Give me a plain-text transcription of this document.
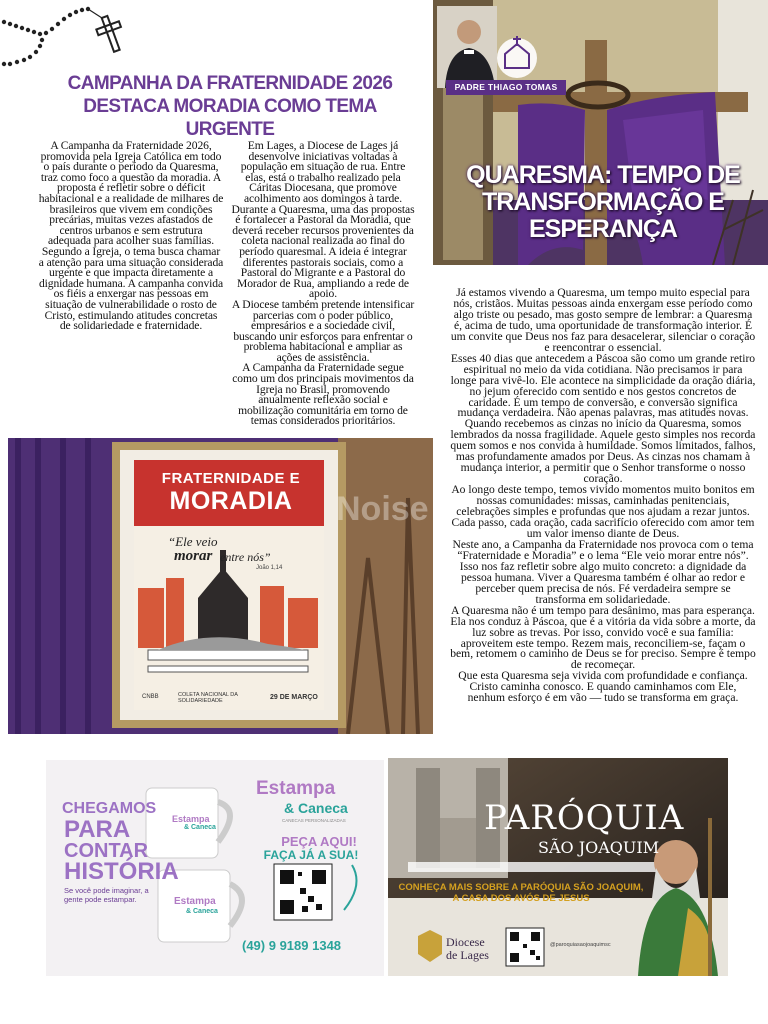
CAMPANHA DA FRATERNIDADE 2026 DESTACA MORADIA COMO TEMA URGENTE

A Campanha da Fraternidade 2026, promovida pela Igreja Católica em todo o país durante o período da Quaresma, traz como foco a questão da moradia. A proposta é refletir sobre o déficit habitacional e a realidade de milhares de brasileiros que vivem em condições precárias, muitas vezes afastados de centros urbanos e sem estrutura adequada para acolher suas famílias.

Segundo a Igreja, o tema busca chamar a atenção para uma situação considerada urgente e que impacta diretamente a dignidade humana. A campanha convida os fiéis a enxergar nas pessoas em situação de vulnerabilidade o rosto de Cristo, estimulando atitudes concretas de solidariedade e fraternidade.

Em Lages, a Diocese de Lages já desenvolve iniciativas voltadas à população em situação de rua. Entre elas, está o trabalho realizado pela Cáritas Diocesana, que promove acolhimento aos domingos à tarde.

Durante a Quaresma, uma das propostas é fortalecer a Pastoral da Moradia, que deverá receber recursos provenientes da coleta nacional realizada ao final do período quaresmal. A ideia é integrar diferentes pastorais sociais, como a Pastoral do Migrante e a Pastoral do Morador de Rua, ampliando a rede de apoio.

A Diocese também pretende intensificar parcerias com o poder público, empresários e a sociedade civil, buscando unir esforços para enfrentar o problema habitacional e ampliar as ações de assistência.

A Campanha da Fraternidade segue como um dos principais movimentos da Igreja no Brasil, promovendo anualmente reflexão social e mobilização comunitária em torno de temas considerados prioritários.

PADRE THIAGO TOMAS
QUARESMA: TEMPO DE TRANSFORMAÇÃO E ESPERANÇA

Já estamos vivendo a Quaresma, um tempo muito especial para nós, cristãos. Muitas pessoas ainda enxergam esse período como algo triste ou pesado, mas gosto sempre de lembrar: a Quaresma é, acima de tudo, uma oportunidade de transformação interior. É um convite que Deus nos faz para desacelerar, silenciar o coração e reencontrar o essencial.

Esses 40 dias que antecedem a Páscoa são como um grande retiro espiritual no meio da vida cotidiana. Não precisamos ir para longe para vivê-lo. Ele acontece na simplicidade da oração diária, no jejum oferecido com sentido e nos gestos concretos de caridade. É um tempo de conversão, e conversão significa mudança verdadeira. Não apenas palavras, mas atitudes novas.

Quando recebemos as cinzas no início da Quaresma, somos lembrados da nossa fragilidade. Aquele gesto simples nos recorda quem somos e nos convida à humildade. Somos limitados, falhos, mas profundamente amados por Deus. As cinzas nos chamam à mudança interior, a permitir que o Senhor transforme o nosso coração.

Ao longo deste tempo, temos vivido momentos muito bonitos em nossas comunidades: missas, caminhadas penitenciais, celebrações simples e profundas que nos ajudam a rezar juntos. Cada passo, cada oração, cada sacrifício oferecido com amor tem um valor imenso diante de Deus.

Neste ano, a Campanha da Fraternidade nos provoca com o tema “Fraternidade e Moradia” e o lema “Ele veio morar entre nós”. Isso nos faz refletir sobre algo muito concreto: a dignidade da pessoa humana. Viver a Quaresma também é olhar ao redor e perceber quem precisa de nós. Fé verdadeira sempre se transforma em solidariedade.

A Quaresma não é um tempo para desânimo, mas para esperança. Ela nos conduz à Páscoa, que é a vitória da vida sobre a morte, da luz sobre as trevas. Por isso, convido você e sua família: aproveitem este tempo. Rezem mais, reconciliem-se, façam o bem, retomem o caminho de Deus se for preciso. Sempre é tempo de recomeçar.

Que esta Quaresma seja vivida com profundidade e confiança. Cristo caminha conosco. E quando caminhamos com Ele, nenhum esforço é em vão — tudo se transforma em graça.

FRATERNIDADE E
MORADIA
“Ele veio
morar entre nós”
João 1,14
CNBB	COLETA NACIONAL DA SOLIDARIEDADE	29 DE MARÇO
Noise
CHEGAMOS
PARA
CONTAR
HISTÓRIA
Se você pode imaginar, a gente pode estampar.
Estampa
& Caneca
CANECAS PERSONALIZADAS
Estampa
& Caneca
Estampa
& Caneca
PEÇA AQUI!
FAÇA JÁ A SUA!
(49) 9 9189 1348
PARÓQUIA
SÃO JOAQUIM
CONHEÇA MAIS SOBRE A PARÓQUIA SÃO JOAQUIM, A CASA DOS AVÓS DE JESUS
Diocese de Lages
@paroquiasaojoaquimsc
